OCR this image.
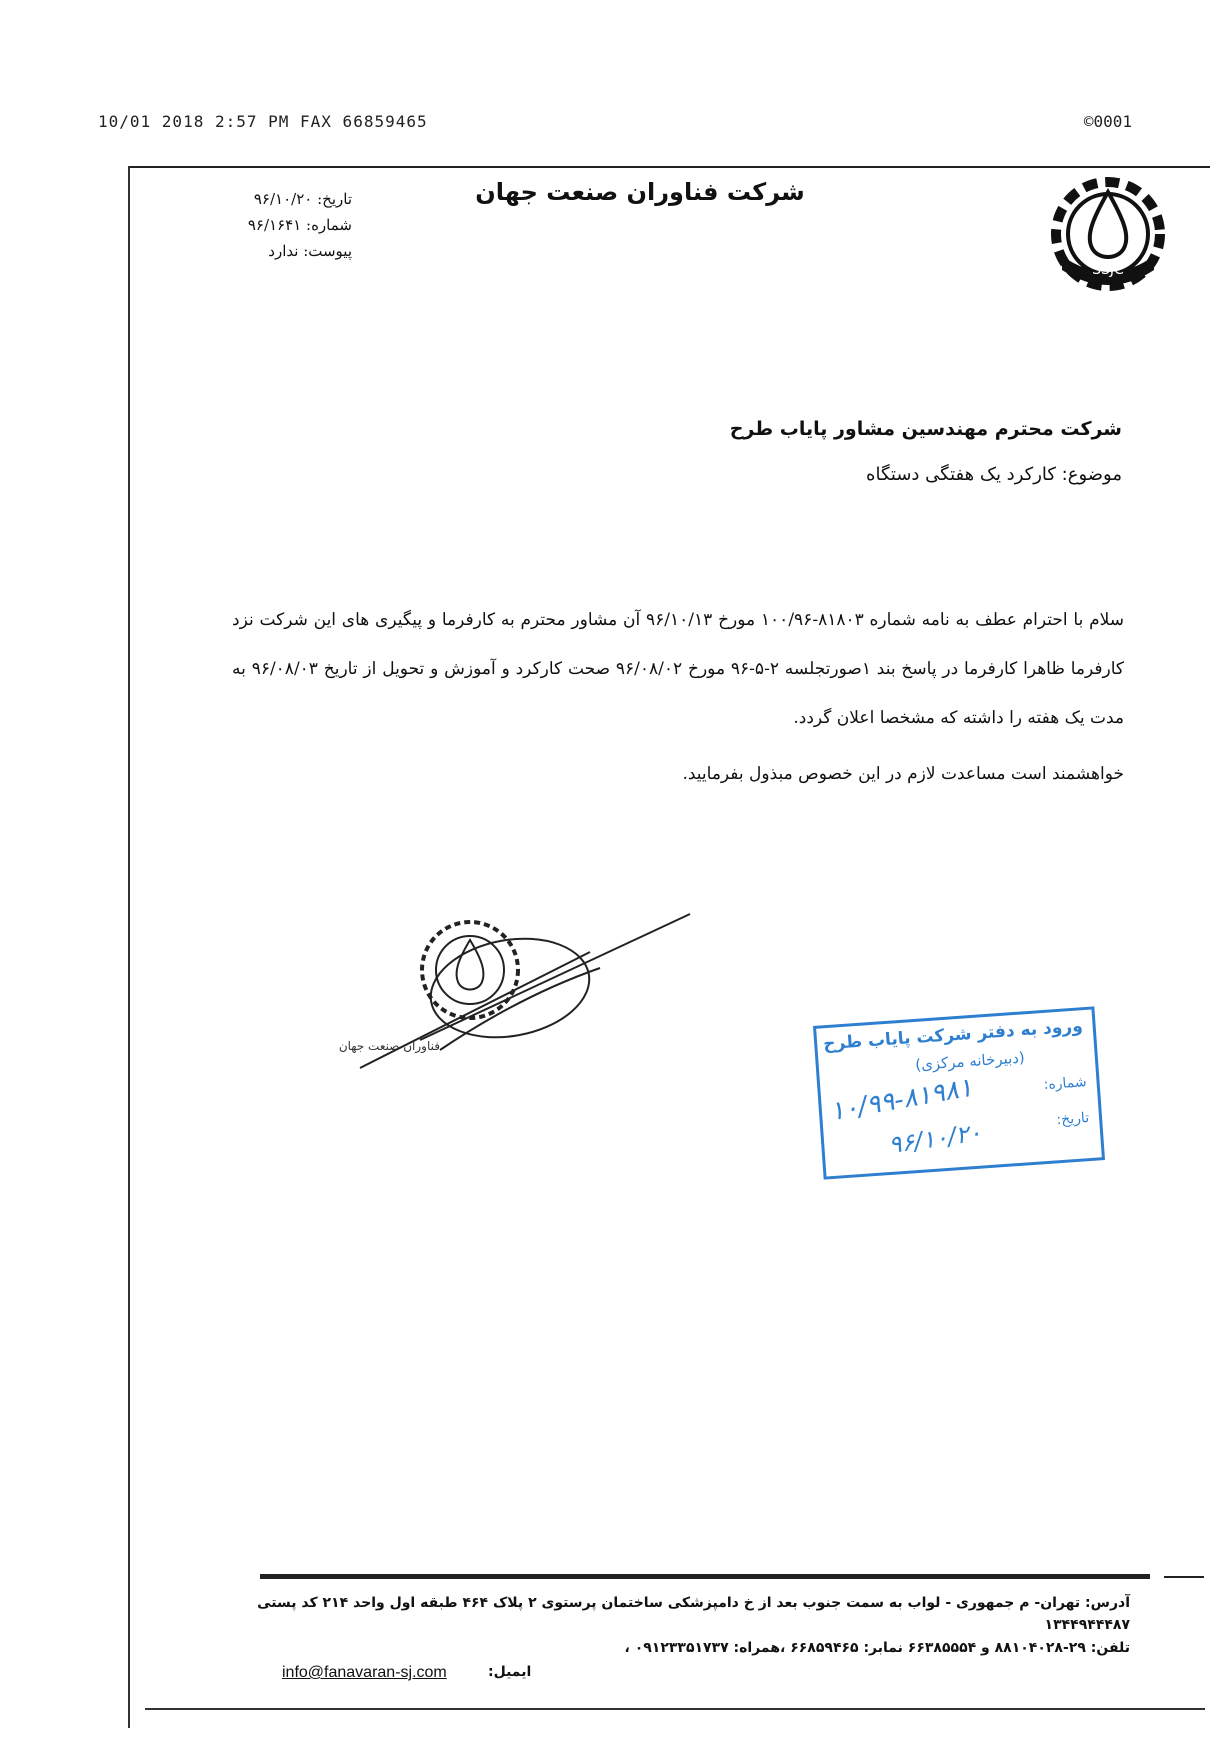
10/01 2018 2:57 PM FAX 66859465	©0001
تاریخ: ۹۶/۱۰/۲۰
شماره: ۹۶/۱۶۴۱
پیوست: ندارد
شرکت فناوران صنعت جهان
SSJC
شرکت محترم مهندسین مشاور پایاب طرح
موضوع: کارکرد یک هفتگی دستگاه

سلام با احترام عطف به نامه شماره ۸۱۸۰۳-۱۰۰/۹۶ مورخ ۹۶/۱۰/۱۳ آن مشاور محترم به کارفرما و پیگیری های این شرکت نزد کارفرما ظاهرا کارفرما در پاسخ بند ۱صورتجلسه ۲-۵-۹۶ مورخ ۹۶/۰۸/۰۲ صحت کارکرد و آموزش و تحویل از تاریخ ۹۶/۰۸/۰۳ به مدت یک هفته را داشته که مشخصا اعلان گردد.

خواهشمند است مساعدت لازم در این خصوص مبذول بفرمایید.
فناوران صنعت جهان	ورود به دفتر شرکت پایاب طرح
(دبیرخانه مرکزی)
شماره:
تاریخ:
۱۰/۹۹-۸۱۹۸۱
۹۶/۱۰/۲۰
آدرس: تهران- م جمهوری - لواب به سمت جنوب بعد از خ دامپزشکی ساختمان پرستوی ۲ پلاک ۴۶۴ طبقه اول واحد ۲۱۴ کد پستی ۱۳۴۴۹۴۴۴۸۷
تلفن: ۲۹-۸۸۱۰۴۰۲۸ و ۶۶۳۸۵۵۵۴ نمابر: ۶۶۸۵۹۴۶۵ ،همراه: ۰۹۱۲۳۳۵۱۷۳۷ ،
ایمیل:
info@fanavaran-sj.com
